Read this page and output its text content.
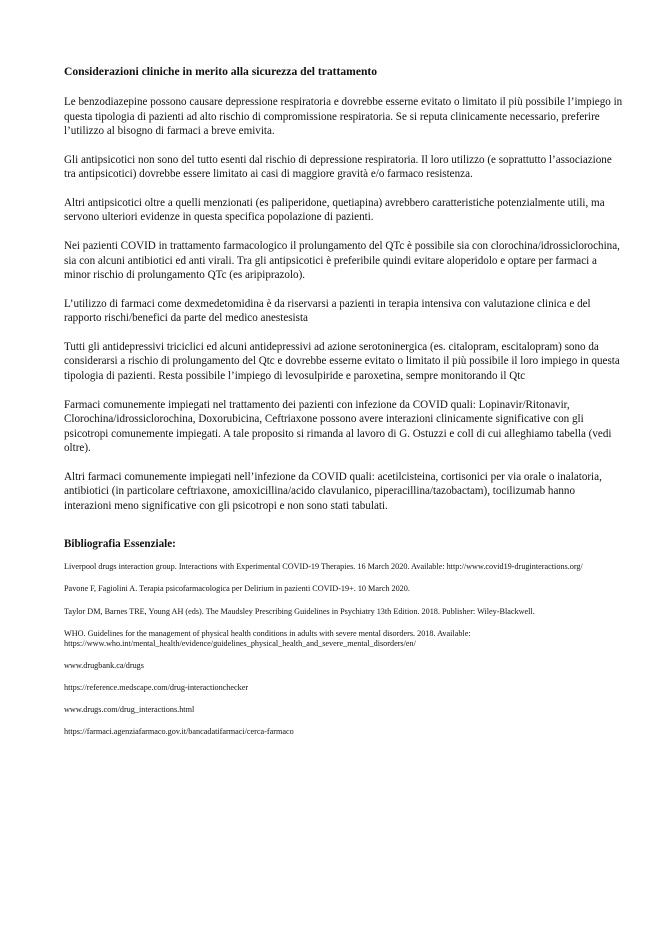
Considerazioni cliniche in merito alla sicurezza del trattamento

Le benzodiazepine possono causare depressione respiratoria e dovrebbe esserne evitato o limitato il più possibile l’impiego in questa tipologia di pazienti ad alto rischio di compromissione respiratoria. Se si reputa clinicamente necessario, preferire l’utilizzo al bisogno di farmaci a breve emivita.

Gli antipsicotici non sono del tutto esenti dal rischio di depressione respiratoria. Il loro utilizzo (e soprattutto l’associazione tra antipsicotici) dovrebbe essere limitato ai casi di maggiore gravità e/o farmaco resistenza.

Altri antipsicotici oltre a quelli menzionati (es paliperidone, quetiapina) avrebbero caratteristiche potenzialmente utili, ma servono ulteriori evidenze in questa specifica popolazione di pazienti.

Nei pazienti COVID in trattamento farmacologico il prolungamento del QTc è possibile sia con clorochina/idrossiclorochina, sia con alcuni antibiotici ed anti virali. Tra gli antipsicotici è preferibile quindi evitare aloperidolo e optare per farmaci a minor rischio di prolungamento QTc (es aripiprazolo).

L’utilizzo di farmaci come dexmedetomidina è da riservarsi a pazienti in terapia intensiva con valutazione clinica e del rapporto rischi/benefici da parte del medico anestesista

Tutti gli antidepressivi triciclici ed alcuni antidepressivi ad azione serotoninergica (es. citalopram, escitalopram) sono da considerarsi a rischio di prolungamento del Qtc e dovrebbe esserne evitato o limitato il più possibile il loro impiego in questa tipologia di pazienti. Resta possibile l’impiego di levosulpiride e paroxetina, sempre monitorando il Qtc

Farmaci comunemente impiegati nel trattamento dei pazienti con infezione da COVID quali: Lopinavir/Ritonavir, Clorochina/idrossiclorochina, Doxorubicina, Ceftriaxone possono avere interazioni clinicamente significative con gli psicotropi comunemente impiegati. A tale proposito si rimanda al lavoro di G. Ostuzzi e coll di cui alleghiamo tabella (vedi oltre).

Altri farmaci comunemente impiegati nell’infezione da COVID quali: acetilcisteina, cortisonici per via orale o inalatoria, antibiotici (in particolare ceftriaxone, amoxicillina/acido clavulanico, piperacillina/tazobactam), tocilizumab hanno interazioni meno significative con gli psicotropi e non sono stati tabulati.

Bibliografia Essenziale:

Liverpool drugs interaction group. Interactions with Experimental COVID-19 Therapies. 16 March 2020. Available: http://www.covid19-druginteractions.org/

Pavone F, Fagiolini A. Terapia psicofarmacologica per Delirium in pazienti COVID-19+. 10 March 2020.

Taylor DM, Barnes TRE, Young AH (eds). The Maudsley Prescribing Guidelines in Psychiatry 13th Edition. 2018. Publisher: Wiley-Blackwell.

WHO. Guidelines for the management of physical health conditions in adults with severe mental disorders. 2018. Available: https://www.who.int/mental_health/evidence/guidelines_physical_health_and_severe_mental_disorders/en/

www.drugbank.ca/drugs

https://reference.medscape.com/drug-interactionchecker

www.drugs.com/drug_interactions.html

https://farmaci.agenziafarmaco.gov.it/bancadatifarmaci/cerca-farmaco
